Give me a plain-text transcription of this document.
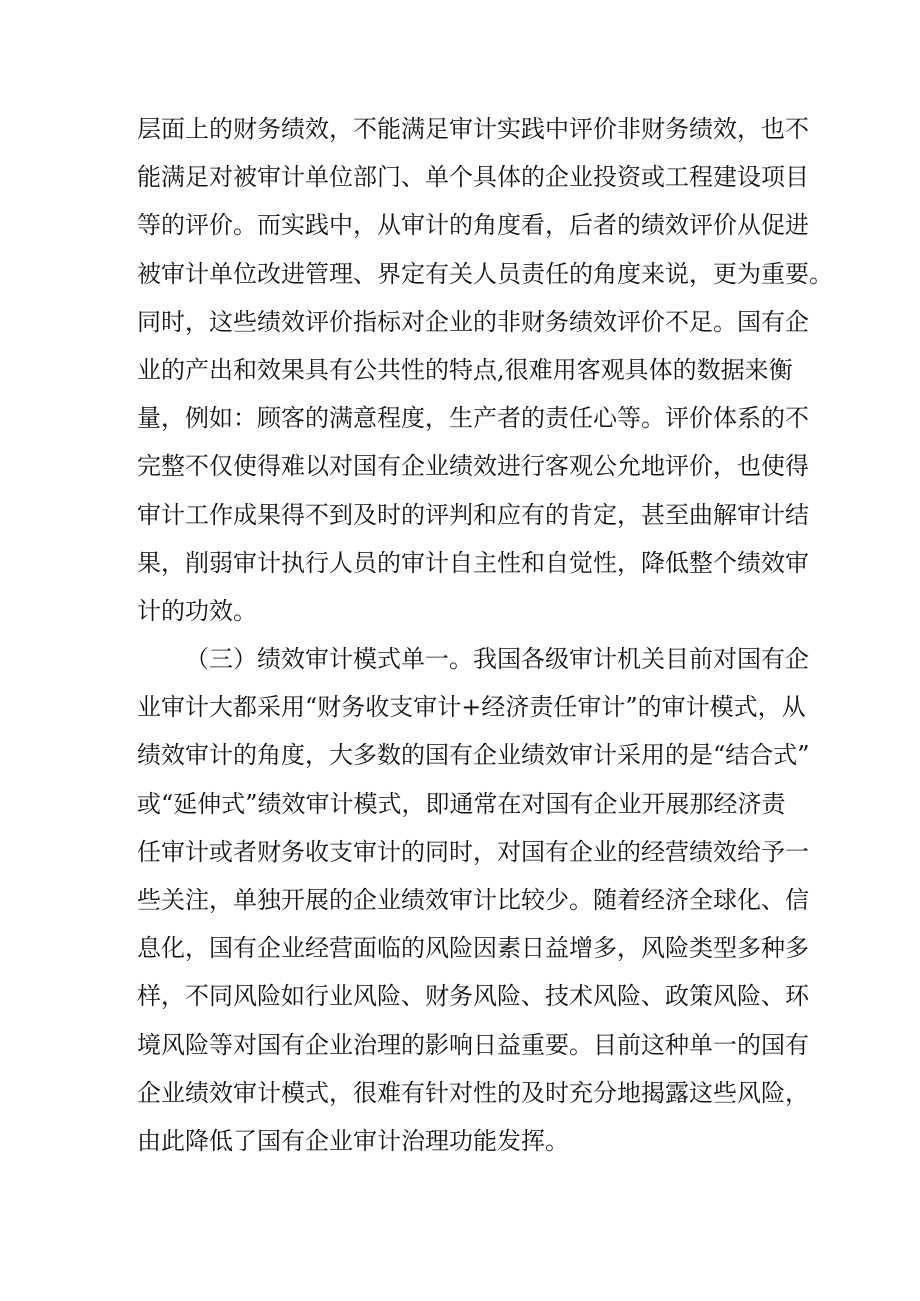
层面上的财务绩效，不能满足审计实践中评价非财务绩效，也不
能满足对被审计单位部门、单个具体的企业投资或工程建设项目
等的评价。而实践中，从审计的角度看，后者的绩效评价从促进
被审计单位改进管理、界定有关人员责任的角度来说，更为重要。
同时，这些绩效评价指标对企业的非财务绩效评价不足。国有企
业的产出和效果具有公共性的特点,很难用客观具体的数据来衡
量，例如：顾客的满意程度，生产者的责任心等。评价体系的不
完整不仅使得难以对国有企业绩效进行客观公允地评价，也使得
审计工作成果得不到及时的评判和应有的肯定，甚至曲解审计结
果，削弱审计执行人员的审计自主性和自觉性，降低整个绩效审
计的功效。
（三）绩效审计模式单一。我国各级审计机关目前对国有企
业审计大都采用“财务收支审计+经济责任审计”的审计模式，从
绩效审计的角度，大多数的国有企业绩效审计采用的是“结合式”
或“延伸式”绩效审计模式，即通常在对国有企业开展那经济责
任审计或者财务收支审计的同时，对国有企业的经营绩效给予一
些关注，单独开展的企业绩效审计比较少。随着经济全球化、信
息化，国有企业经营面临的风险因素日益增多，风险类型多种多
样，不同风险如行业风险、财务风险、技术风险、政策风险、环
境风险等对国有企业治理的影响日益重要。目前这种单一的国有
企业绩效审计模式，很难有针对性的及时充分地揭露这些风险，
由此降低了国有企业审计治理功能发挥。
